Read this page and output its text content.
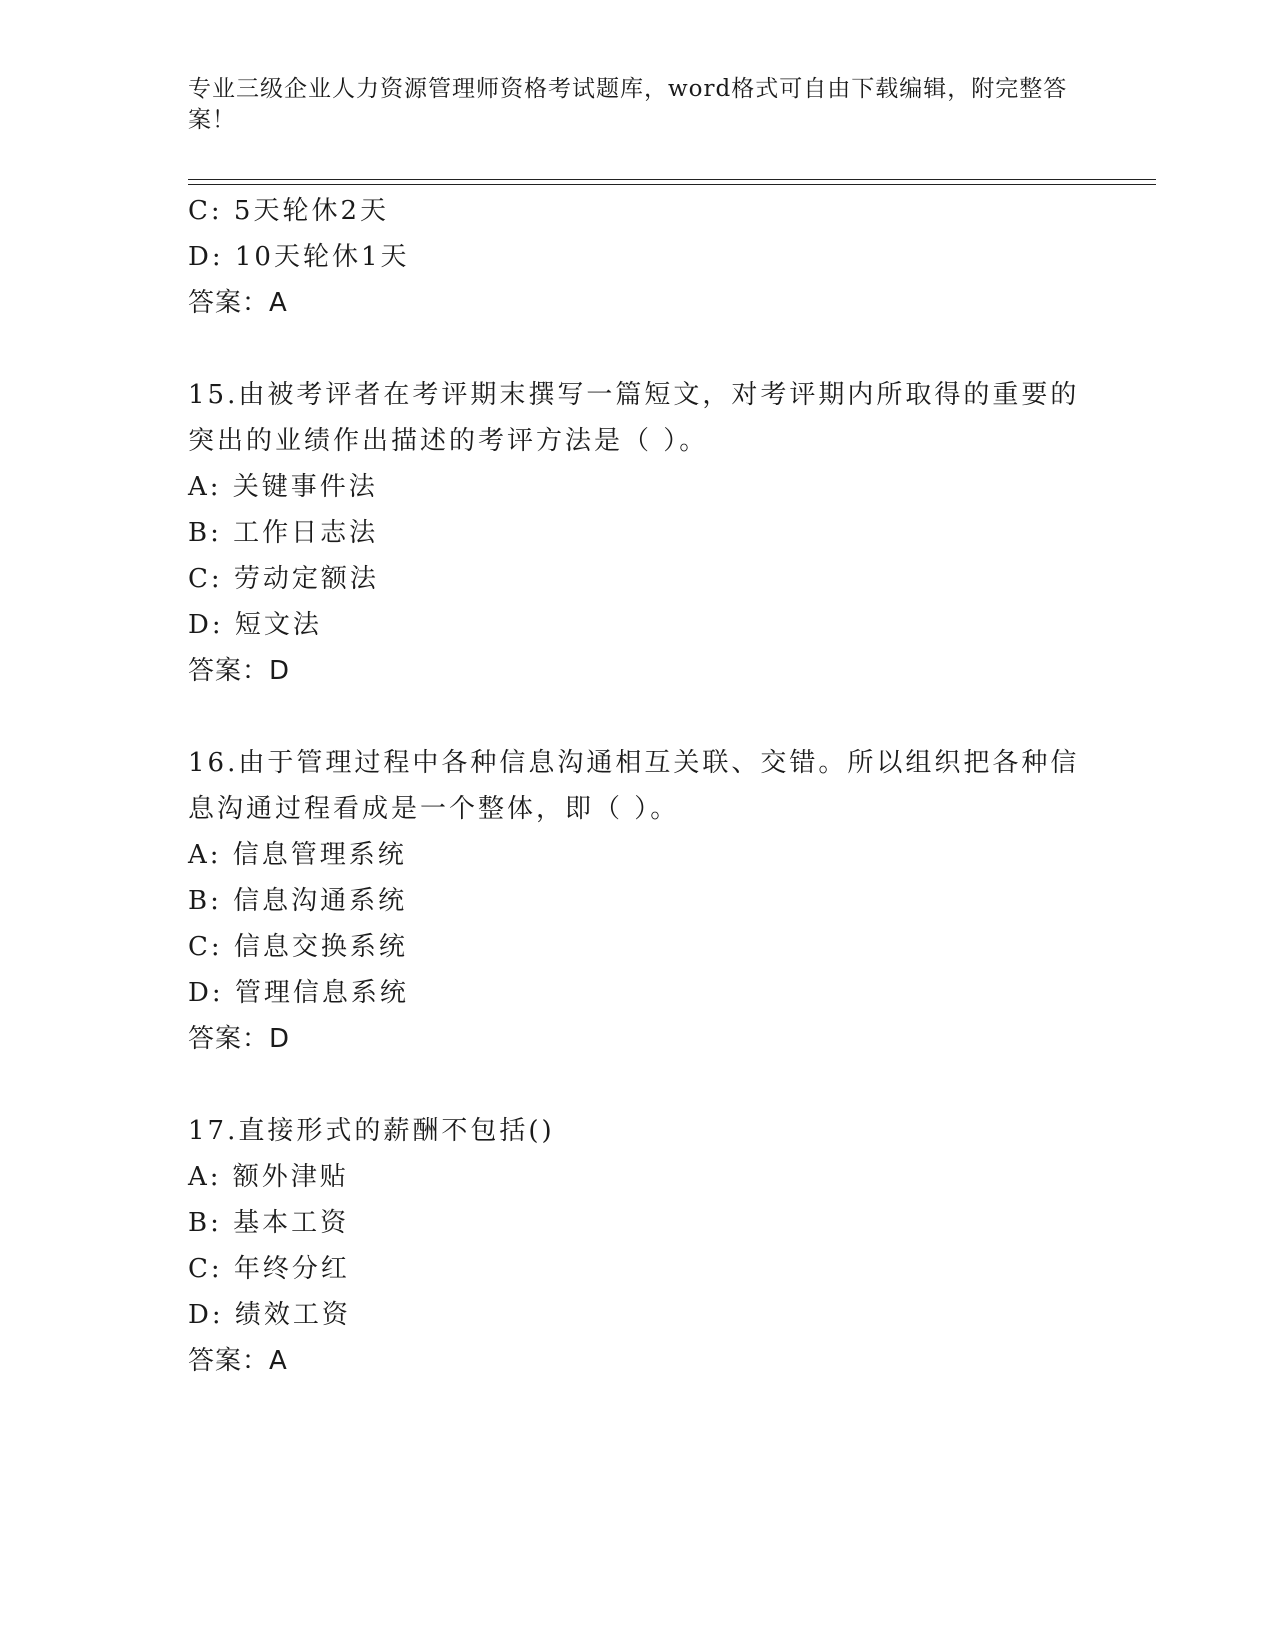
专业三级企业人力资源管理师资格考试题库，word格式可自由下载编辑，附完整答案！
C: 5天轮休2天
D: 10天轮休1天
答案：A
15.由被考评者在考评期末撰写一篇短文，对考评期内所取得的重要的
突出的业绩作出描述的考评方法是（ ）。
A: 关键事件法
B: 工作日志法
C: 劳动定额法
D: 短文法
答案：D
16.由于管理过程中各种信息沟通相互关联、交错。所以组织把各种信
息沟通过程看成是一个整体，即（ ）。
A: 信息管理系统
B: 信息沟通系统
C: 信息交换系统
D: 管理信息系统
答案：D
17.直接形式的薪酬不包括()
A: 额外津贴
B: 基本工资
C: 年终分红
D: 绩效工资
答案：A
